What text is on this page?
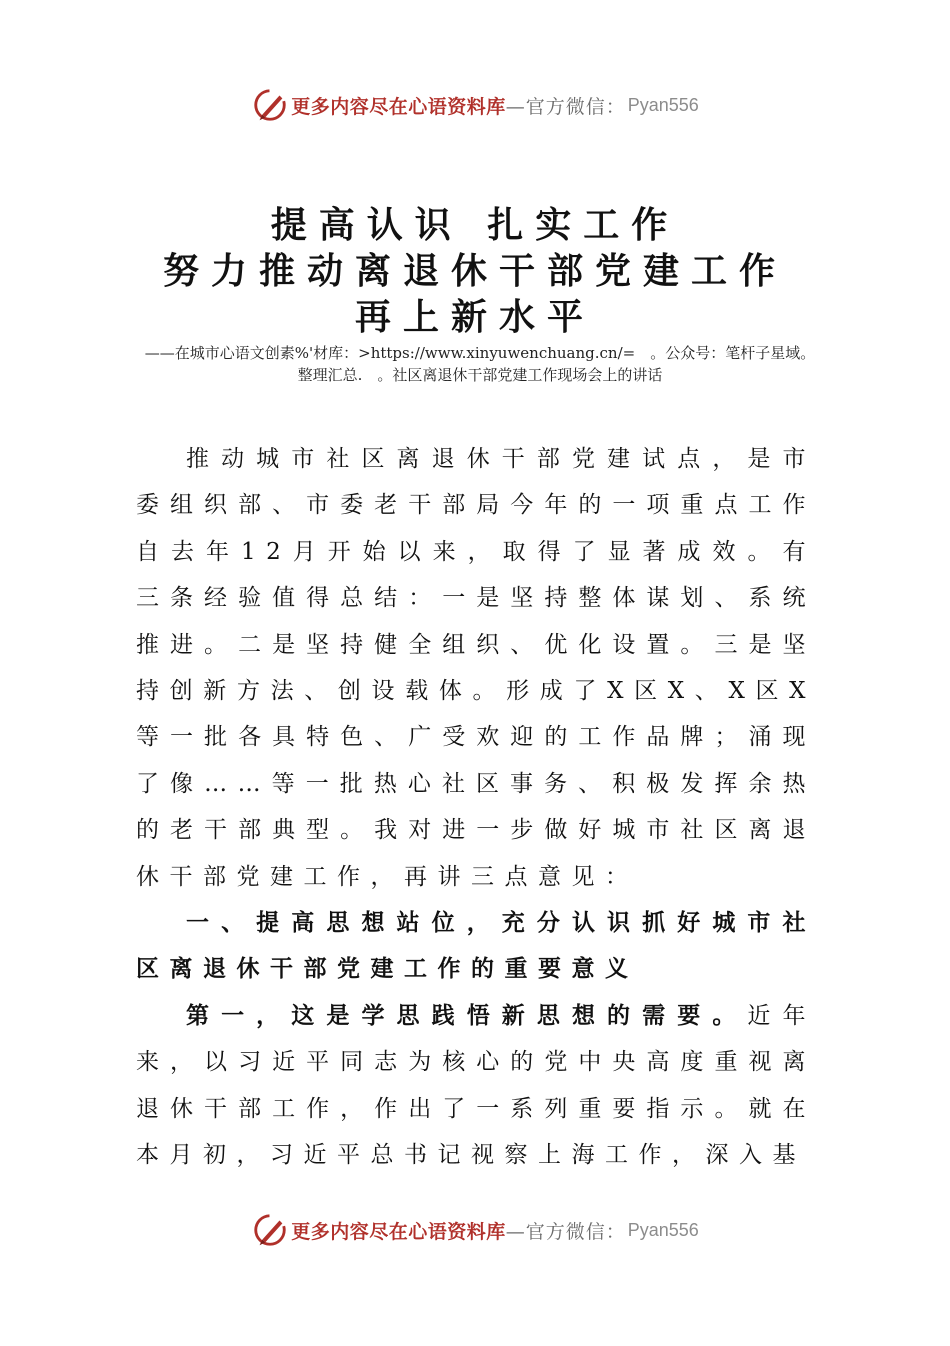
更多内容尽在心语资料库 —官方微信： Pyan556
提高认识 扎实工作
努力推动离退休干部党建工作
再上新水平
——在城市心语文创素%'材库：>https://www.xinyuwenchuang.cn/=　。公众号：笔杆子星域。
整理汇总.　。社区离退休干部党建工作现场会上的讲话

推动城市社区离退休干部党建试点，是市委组织部、市委老干部局今年的一项重点工作自去年12月开始以来，取得了显著成效。有三条经验值得总结：一是坚持整体谋划、系统推进。二是坚持健全组织、优化设置。三是坚持创新方法、创设载体。形成了X区X、X区X等一批各具特色、广受欢迎的工作品牌；涌现了像……等一批热心社区事务、积极发挥余热的老干部典型。我对进一步做好城市社区离退休干部党建工作，再讲三点意见：

一、提高思想站位，充分认识抓好城市社区离退休干部党建工作的重要意义

第一，这是学思践悟新思想的需要。近年来，以习近平同志为核心的党中央高度重视离退休干部工作，作出了一系列重要指示。就在本月初，习近平总书记视察上海工作，深入基

更多内容尽在心语资料库 —官方微信： Pyan556
